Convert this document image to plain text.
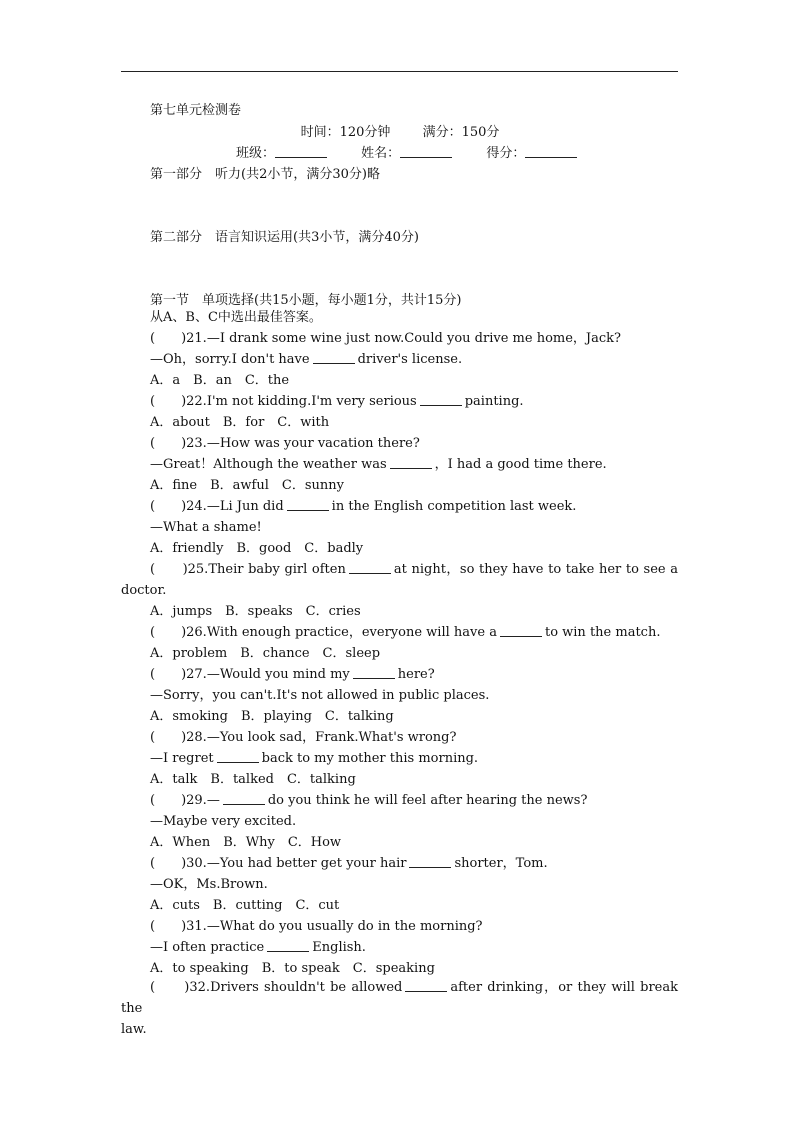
第七单元检测卷
时间：120分钟 满分：150分
班级：	姓名：	得分：
第一部分　听力(共2小节，满分30分)略
第二部分　语言知识运用(共3小节，满分40分)
第一节　单项选择(共15小题，每小题1分，共计15分)
从A、B、C中选出最佳答案。
(　　)21.—I drank some wine just now.Could you drive me home，Jack?
—Oh，sorry.I don't have	driver's license.
A．a　B．an　C．the
(　　)22.I'm not kidding.I'm very serious	painting.
A．about　B．for　C．with
(　　)23.—How was your vacation there?
—Great！Although the weather was	，I had a good time there.
A．fine　B．awful　C．sunny
(　　)24.—Li Jun did	in the English competition last week.
—What a shame!
A．friendly　B．good　C．badly
(　　)25.Their baby girl often	at night，so they have to take her to see a
doctor.
A．jumps　B．speaks　C．cries
(　　)26.With enough practice，everyone will have a	to win the match.
A．problem　B．chance　C．sleep
(　　)27.—Would you mind my	here?
—Sorry，you can't.It's not allowed in public places.
A．smoking　B．playing　C．talking
(　　)28.—You look sad，Frank.What's wrong?
—I regret	back to my mother this morning.
A．talk　B．talked　C．talking
(　　)29.—	do you think he will feel after hearing the news?
—Maybe very excited.
A．When　B．Why　C．How
(　　)30.—You had better get your hair	shorter，Tom.
—OK，Ms.Brown.
A．cuts　B．cutting　C．cut
(　　)31.—What do you usually do in the morning?
—I often practice	English.
A．to speaking　B．to speak　C．speaking
(　　)32.Drivers shouldn't be allowed	after drinking，or they will break the
law.
